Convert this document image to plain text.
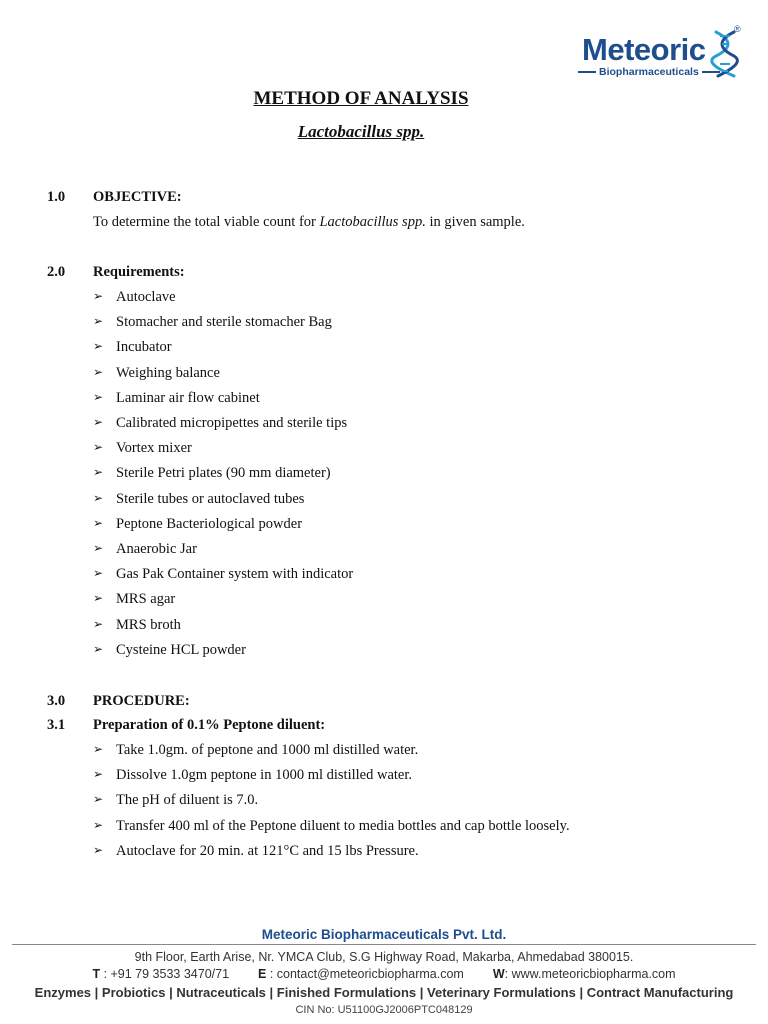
Meteoric
®
Biopharmaceuticals
METHOD OF ANALYSIS
Lactobacillus spp.
1.0 OBJECTIVE:
To determine the total viable count for Lactobacillus spp. in given sample.
2.0 Requirements:
➢ Autoclave
➢ Stomacher and sterile stomacher Bag
➢ Incubator
➢ Weighing balance
➢ Laminar air flow cabinet
➢ Calibrated micropipettes and sterile tips
➢ Vortex mixer
➢ Sterile Petri plates (90 mm diameter)
➢ Sterile tubes or autoclaved tubes
➢ Peptone Bacteriological powder
➢ Anaerobic Jar
➢ Gas Pak Container system with indicator
➢ MRS agar
➢ MRS broth
➢ Cysteine HCL powder
3.0 PROCEDURE:
3.1 Preparation of 0.1% Peptone diluent:
➢ Take 1.0gm. of peptone and 1000 ml distilled water.
➢ Dissolve 1.0gm peptone in 1000 ml distilled water.
➢ The pH of diluent is 7.0.
➢ Transfer 400 ml of the Peptone diluent to media bottles and cap bottle loosely.
➢ Autoclave for 20 min. at 121°C and 15 lbs Pressure.
Meteoric Biopharmaceuticals Pvt. Ltd.
9th Floor, Earth Arise, Nr. YMCA Club, S.G Highway Road, Makarba, Ahmedabad 380015.
T : +91 79 3533 3470/71 E : contact@meteoricbiopharma.com W: www.meteoricbiopharma.com
Enzymes | Probiotics | Nutraceuticals | Finished Formulations | Veterinary Formulations | Contract Manufacturing
CIN No: U51100GJ2006PTC048129
